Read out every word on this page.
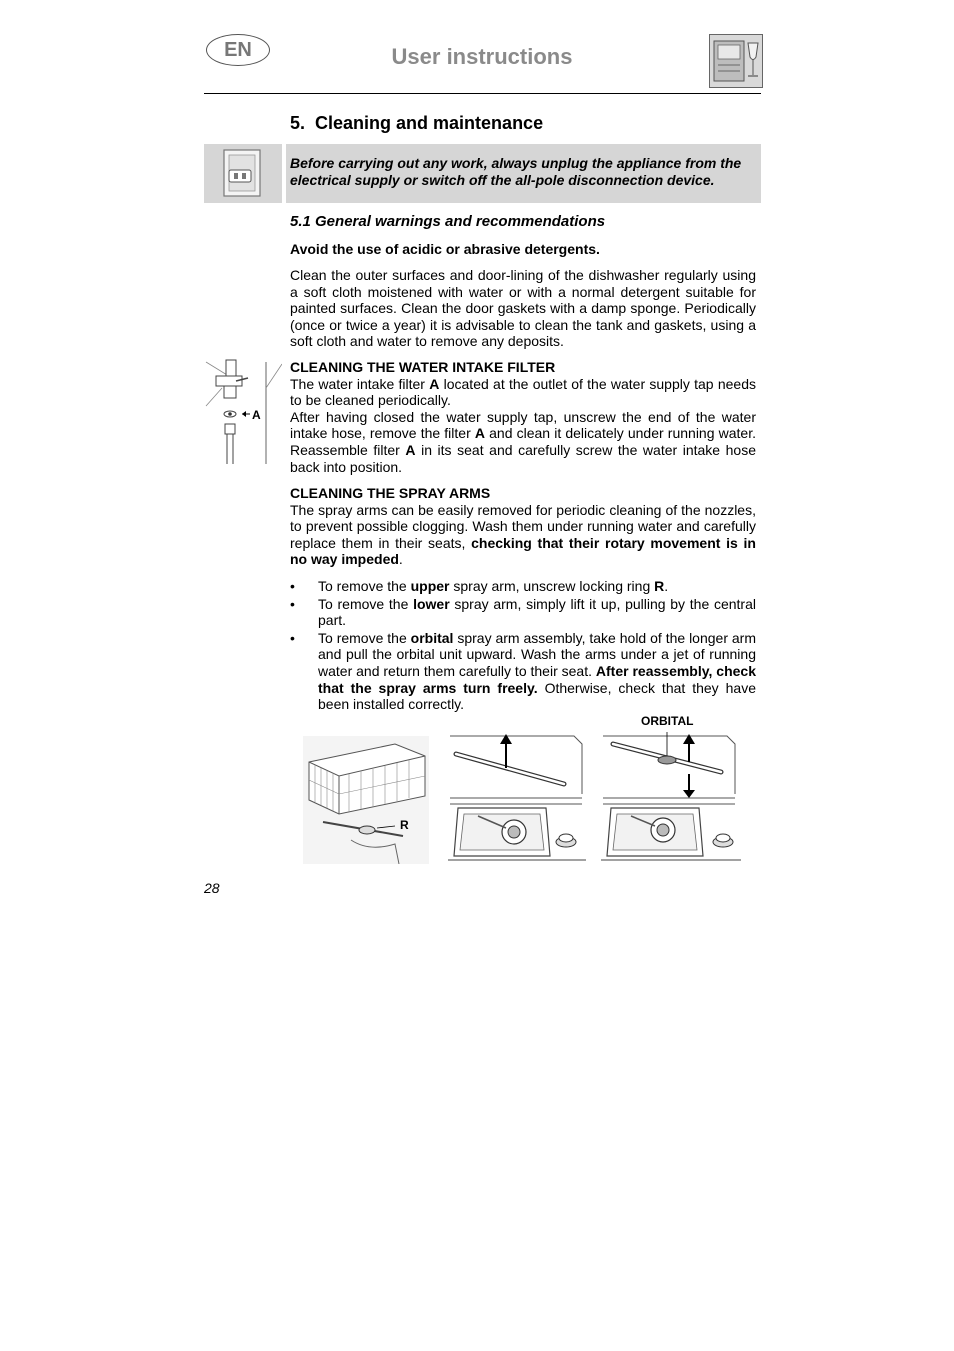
EN	User instructions
5. Cleaning and maintenance
Before carrying out any work, always unplug the appliance from the electrical supply or switch off the all-pole disconnection device.
5.1 General warnings and recommendations
Avoid the use of acidic or abrasive detergents.
Clean the outer surfaces and door-lining of the dishwasher regularly using a soft cloth moistened with water or with a normal detergent suitable for painted surfaces. Clean the door gaskets with a damp sponge. Periodically (once or twice a year) it is advisable to clean the tank and gaskets, using a soft cloth and water to remove any deposits.
A
CLEANING THE WATER INTAKE FILTER
The water intake filter A located at the outlet of the water supply tap needs to be cleaned periodically.
After having closed the water supply tap, unscrew the end of the water intake hose, remove the filter A and clean it delicately under running water. Reassemble filter A in its seat and carefully screw the water intake hose back into position.
CLEANING THE SPRAY ARMS
The spray arms can be easily removed for periodic cleaning of the nozzles, to prevent possible clogging. Wash them under running water and carefully replace them in their seats, checking that their rotary movement is in no way impeded.
• To remove the upper spray arm, unscrew locking ring R.
• To remove the lower spray arm, simply lift it up, pulling by the central part.
• To remove the orbital spray arm assembly, take hold of the longer arm and pull the orbital unit upward. Wash the arms under a jet of running water and return them carefully to their seat. After reassembly, check that the spray arms turn freely. Otherwise, check that they have been installed correctly.
R
ORBITAL
28
